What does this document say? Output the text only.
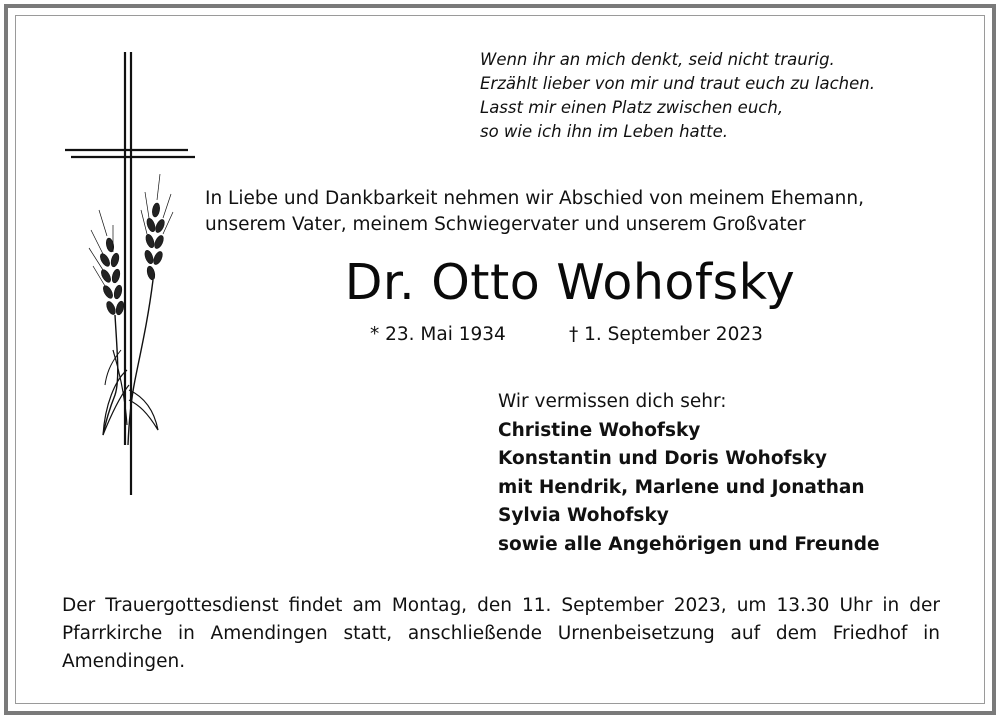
Wenn ihr an mich denkt, seid nicht traurig.
Erzählt lieber von mir und traut euch zu lachen.
Lasst mir einen Platz zwischen euch,
so wie ich ihn im Leben hatte.
In Liebe und Dankbarkeit nehmen wir Abschied von meinem Ehemann,
unserem Vater, meinem Schwiegervater und unserem Großvater
Dr. Otto Wohofsky
* 23. Mai 1934	† 1. September 2023
Wir vermissen dich sehr:
Christine Wohofsky
Konstantin und Doris Wohofsky
mit Hendrik, Marlene und Jonathan
Sylvia Wohofsky
sowie alle Angehörigen und Freunde
Der Trauergottesdienst findet am Montag, den 11. September 2023, um 13.30 Uhr in der Pfarrkirche in Amendingen statt, anschließende Urnenbeisetzung auf dem Friedhof in Amendingen.
